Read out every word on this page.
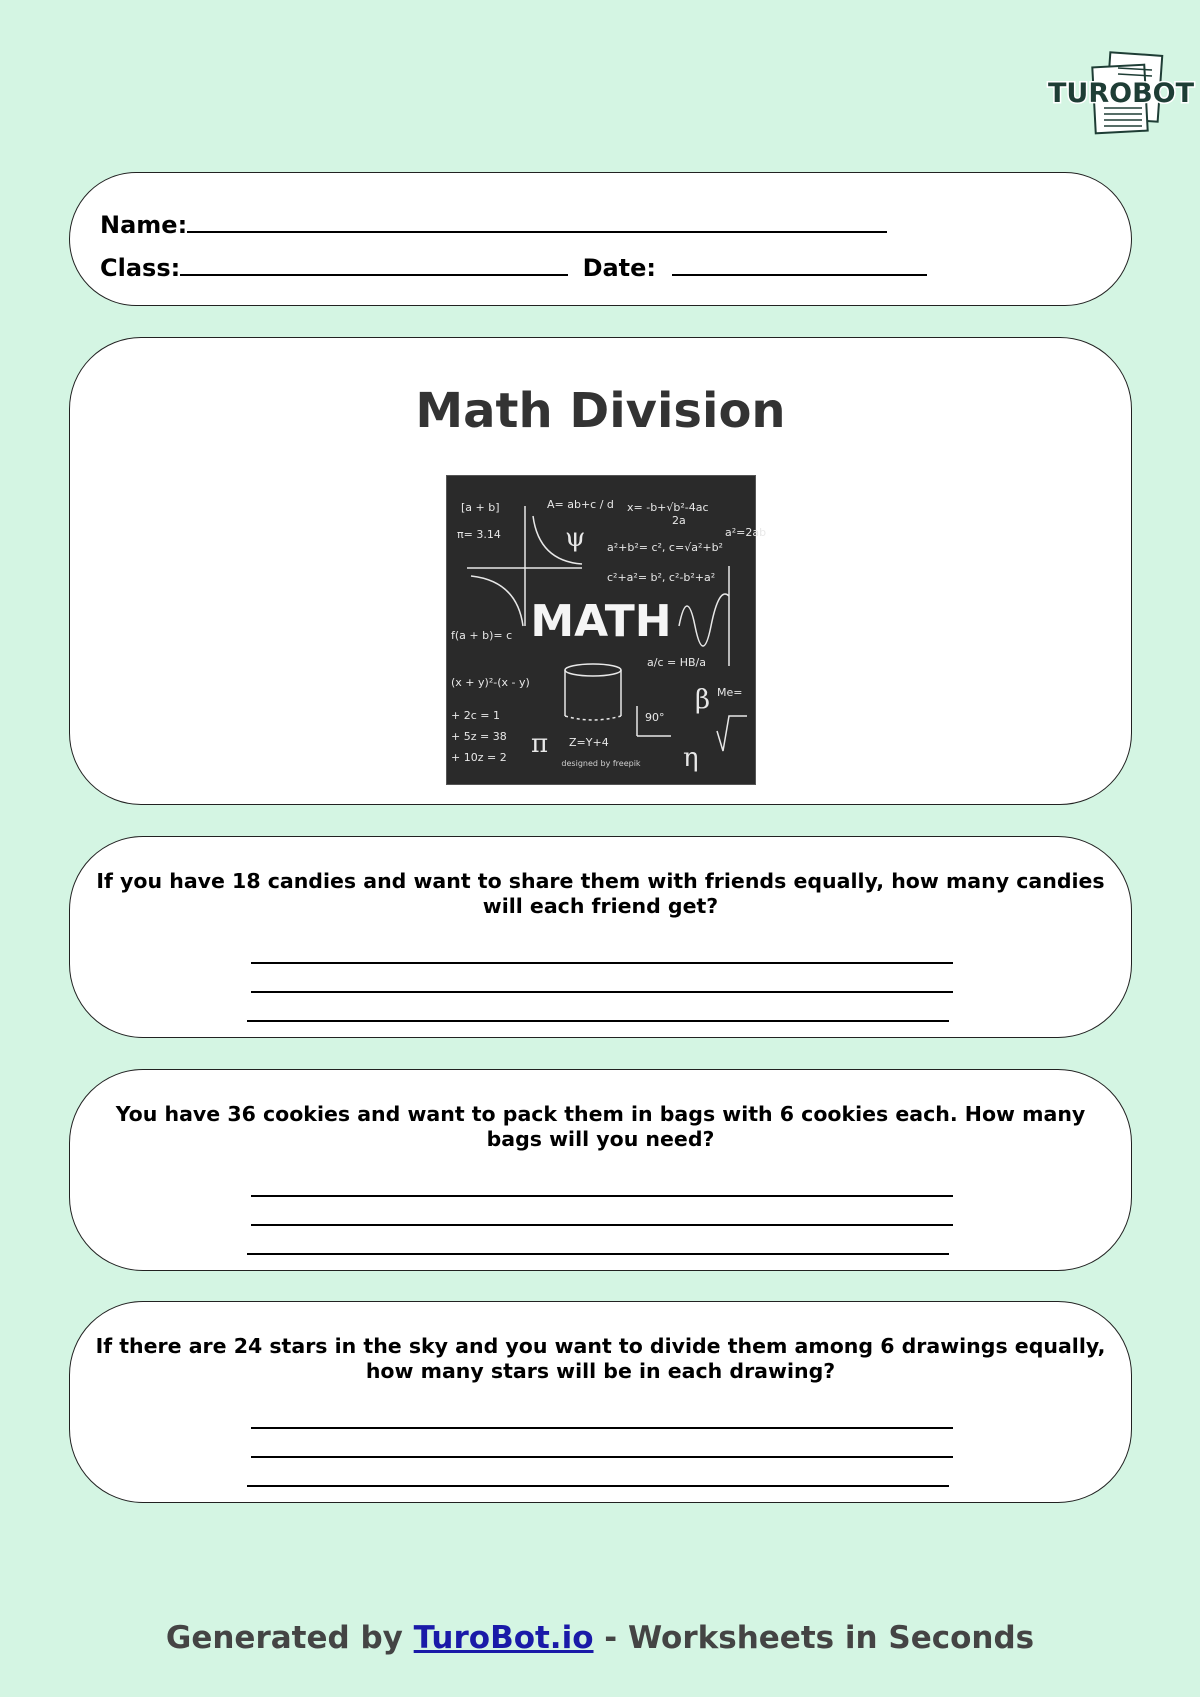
TUROBOT
Name:
Class:	Date:
Math Division
[a + b]	A= ab+c / d x= -b+√b²-4ac
2a
π= 3.14
a²+b²= c², c=√a²+b²
a²=2ab
c²+a²= b², c²-b²+a²
f(a + b)= c
(x + y)²-(x - y)
a/c = HB/a
+ 2c = 1
+ 5z = 38
+ 10z = 2
Z=Y+4
90°
Me=
π
β
η
ψ
MATH
designed by freepik
If you have 18 candies and want to share them with friends equally, how many candies will each friend get?
You have 36 cookies and want to pack them in bags with 6 cookies each. How many bags will you need?
If there are 24 stars in the sky and you want to divide them among 6 drawings equally, how many stars will be in each drawing?
Generated by TuroBot.io - Worksheets in Seconds
